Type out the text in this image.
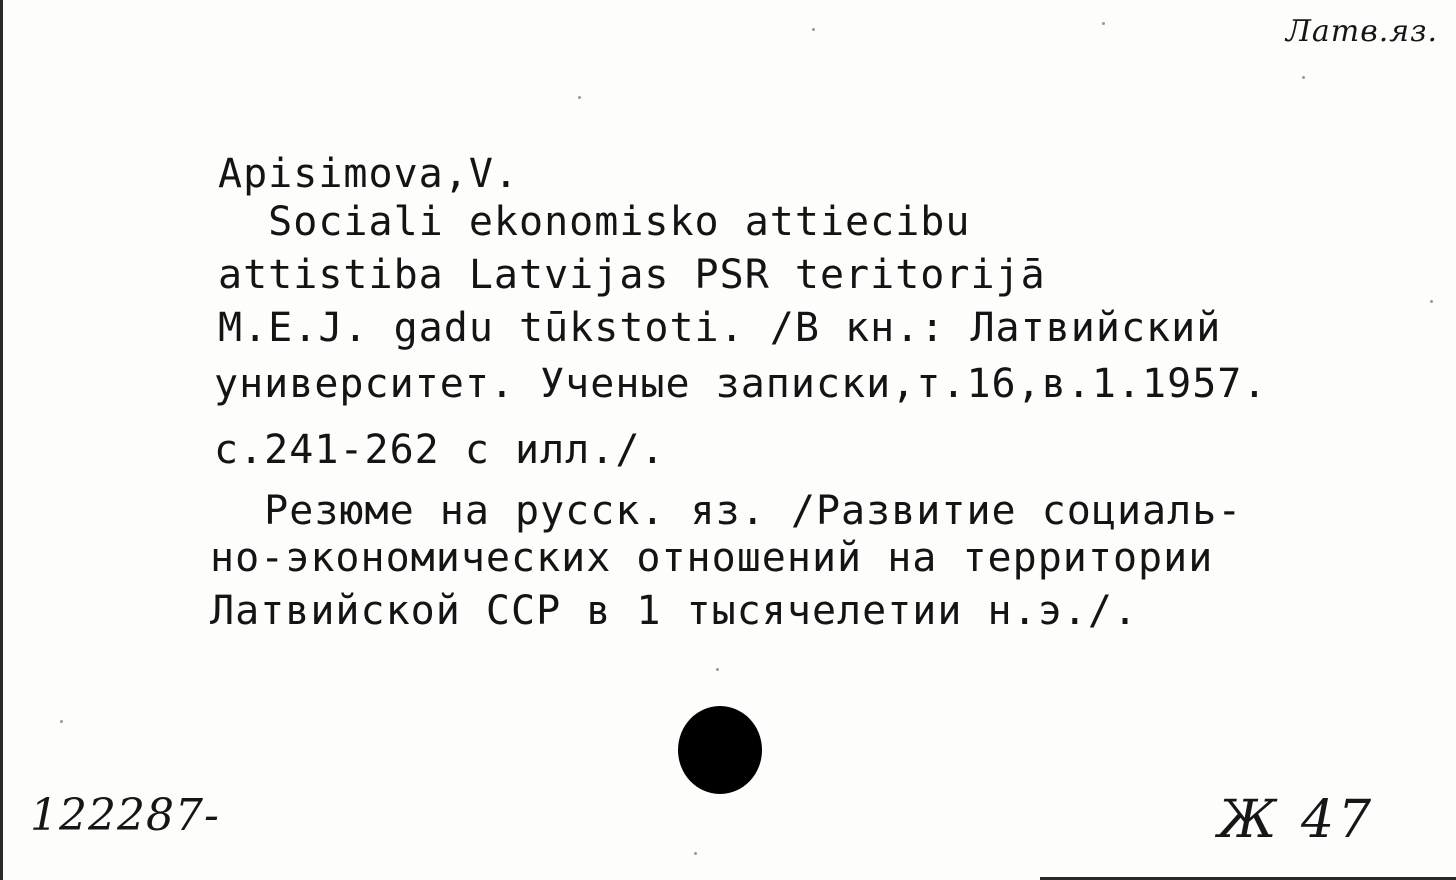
Лaтв.яз.
Apisimova,V.
Sociali ekonomisko attiecibu
attistiba Latvijas PSR teritorijā
M.E.J. gadu tūkstoti. /В кн.: Латвийский
университет. Ученые записки,т.16,в.1.1957.
с.241-262 с илл./.
Резюме на русск. яз. /Развитие социаль-
но-экономических отношений на территории
Латвийской ССР в 1 тысячелетии н.э./.
122287-	Ж 47
